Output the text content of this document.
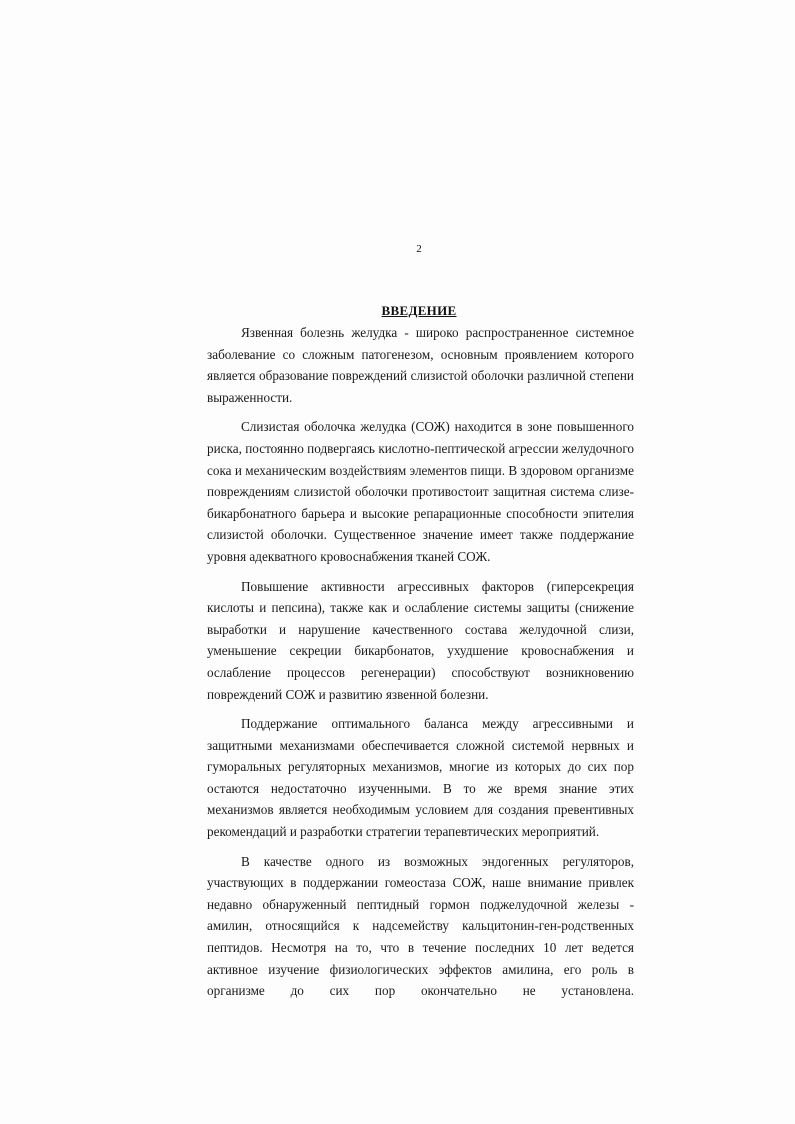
2
ВВЕДЕНИЕ

Язвенная болезнь желудка - широко распространенное системное заболевание со сложным патогенезом, основным проявлением которого является образование повреждений слизистой оболочки различной степени выраженности.

Слизистая оболочка желудка (СОЖ) находится в зоне повышенного риска, постоянно подвергаясь кислотно-пептической агрессии желудочного сока и механическим воздействиям элементов пищи. В здоровом организме повреждениям слизистой оболочки противостоит защитная система слизе-бикарбонатного барьера и высокие репарационные способности эпителия слизистой оболочки. Существенное значение имеет также поддержание уровня адекватного кровоснабжения тканей СОЖ.

Повышение активности агрессивных факторов (гиперсекреция кислоты и пепсина), также как и ослабление системы защиты (снижение выработки и нарушение качественного состава желудочной слизи, уменьшение секреции бикарбонатов, ухудшение кровоснабжения и ослабление процессов регенерации) способствуют возникновению повреждений СОЖ и развитию язвенной болезни.

Поддержание оптимального баланса между агрессивными и защитными механизмами обеспечивается сложной системой нервных и гуморальных регуляторных механизмов, многие из которых до сих пор остаются недостаточно изученными. В то же время знание этих механизмов является необходимым условием для создания превентивных рекомендаций и разработки стратегии терапевтических мероприятий.

В качестве одного из возможных эндогенных регуляторов, участвующих в поддержании гомеостаза СОЖ, наше внимание привлек недавно обнаруженный пептидный гормон поджелудочной железы - амилин, относящийся к надсемейству кальцитонин-ген-родственных пептидов. Несмотря на то, что в течение последних 10 лет ведется активное изучение физиологических эффектов амилина, его роль в организме до сих пор окончательно не установлена.
